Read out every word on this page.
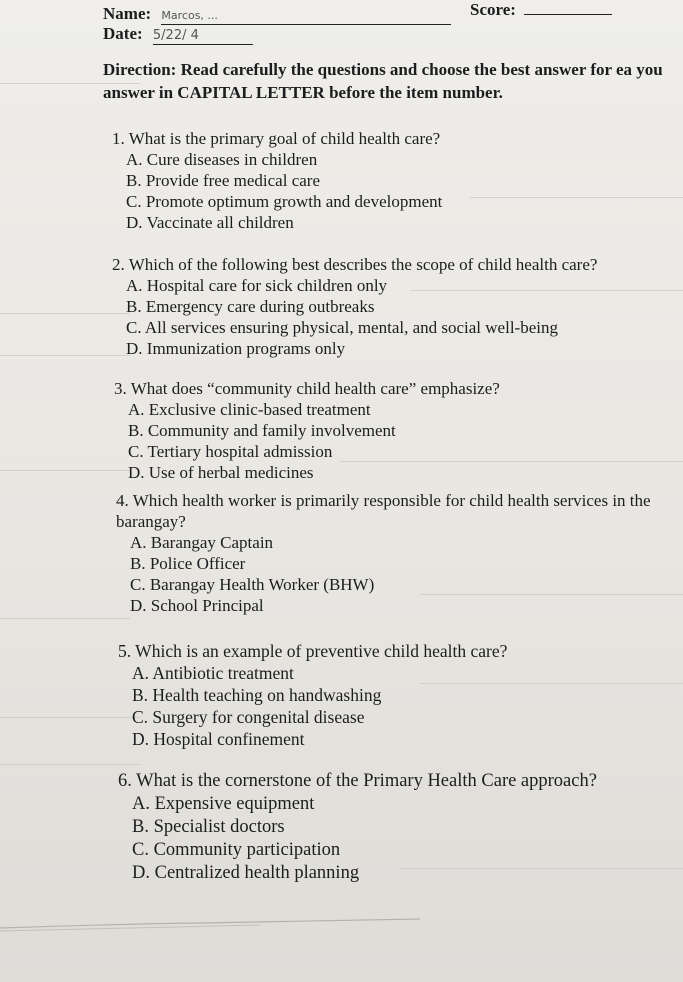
Name: Marcos, ...	Score:
Date: 5/22/ 4
Direction: Read carefully the questions and choose the best answer for ea you answer in CAPITAL LETTER before the item number.
1. What is the primary goal of child health care?
A. Cure diseases in children
B. Provide free medical care
C. Promote optimum growth and development
D. Vaccinate all children
2. Which of the following best describes the scope of child health care?
A. Hospital care for sick children only
B. Emergency care during outbreaks
C. All services ensuring physical, mental, and social well-being
D. Immunization programs only
3. What does “community child health care” emphasize?
A. Exclusive clinic-based treatment
B. Community and family involvement
C. Tertiary hospital admission
D. Use of herbal medicines
4. Which health worker is primarily responsible for child health services in the barangay?
A. Barangay Captain
B. Police Officer
C. Barangay Health Worker (BHW)
D. School Principal
5. Which is an example of preventive child health care?
A. Antibiotic treatment
B. Health teaching on handwashing
C. Surgery for congenital disease
D. Hospital confinement
6. What is the cornerstone of the Primary Health Care approach?
A. Expensive equipment
B. Specialist doctors
C. Community participation
D. Centralized health planning
